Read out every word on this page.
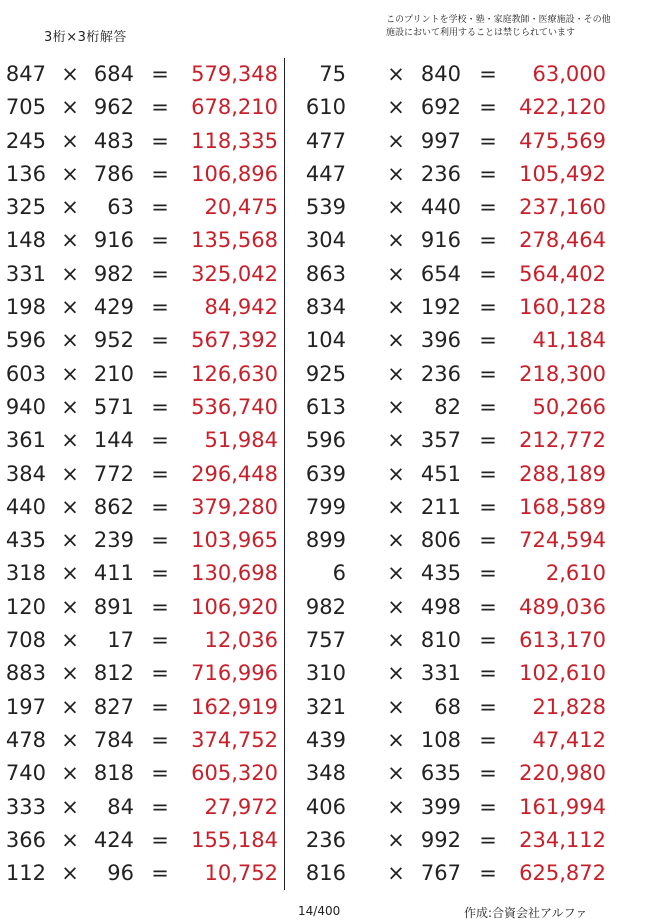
3桁×3桁解答
このプリントを学校・塾・家庭教師・医療施設・その他
施設において利用することは禁じられています
847 × 684 =	579,348
705 × 962 =	678,210
245 × 483 =	118,335
136 × 786 =	106,896
325 ×	63 =	20,475
148 × 916 =	135,568
331 × 982 =	325,042
198 × 429 =	84,942
596 × 952 =	567,392
603 × 210 =	126,630
940 × 571 =	536,740
361 × 144 =	51,984
384 × 772 =	296,448
440 × 862 =	379,280
435 × 239 =	103,965
318 × 411 =	130,698
120 × 891 =	106,920
708 ×	17 =	12,036
883 × 812 =	716,996
197 × 827 =	162,919
478 × 784 =	374,752
740 × 818 =	605,320
333 ×	84 =	27,972
366 × 424 =	155,184
112 ×	96 =	10,752
75 × 840 =	63,000
610 × 692 =	422,120
477 × 997 =	475,569
447 × 236 =	105,492
539 × 440 =	237,160
304 × 916 =	278,464
863 × 654 =	564,402
834 × 192 =	160,128
104 × 396 =	41,184
925 × 236 =	218,300
613 ×	82 =	50,266
596 × 357 =	212,772
639 × 451 =	288,189
799 × 211 =	168,589
899 × 806 =	724,594
6 × 435 =	2,610
982 × 498 =	489,036
757 × 810 =	613,170
310 × 331 =	102,610
321 ×	68 =	21,828
439 × 108 =	47,412
348 × 635 =	220,980
406 × 399 =	161,994
236 × 992 =	234,112
816 × 767 =	625,872
14/400	作成:合資会社アルファ
